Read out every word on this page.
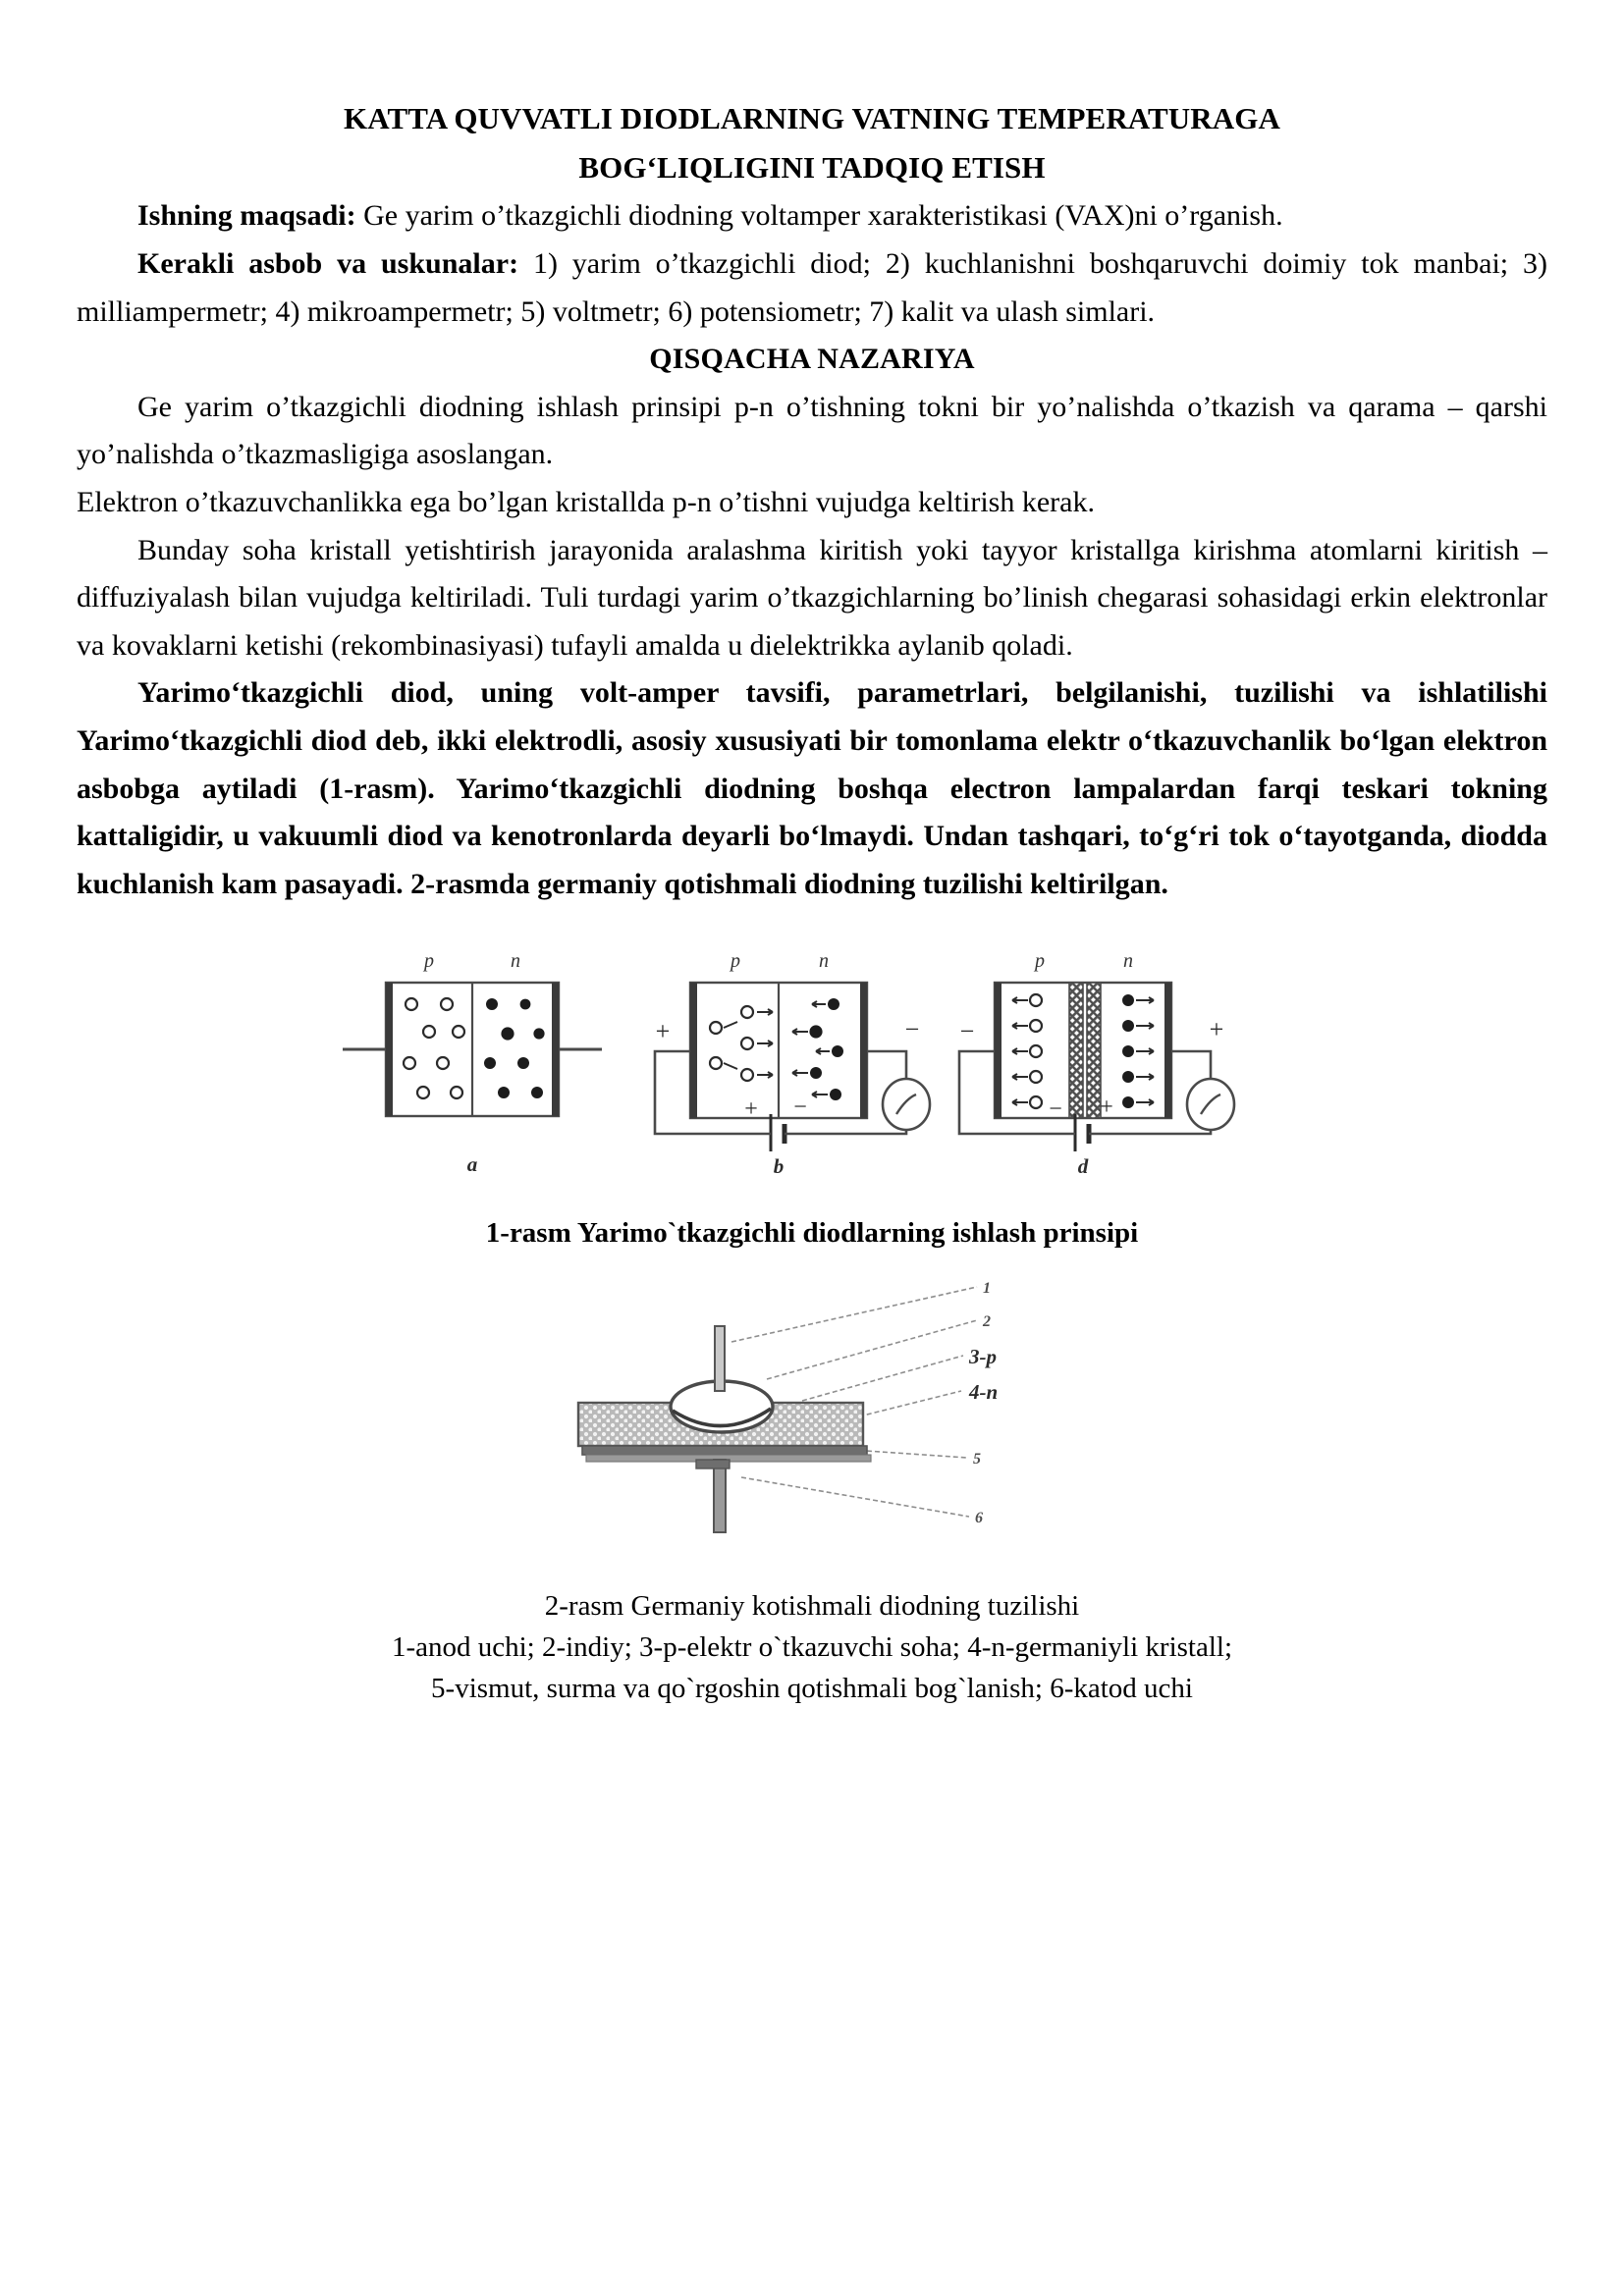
KATTA QUVVATLI DIODLARNING VATNING TEMPERATURAGA
BOG‘LIQLIGINI TADQIQ ETISH

Ishning maqsadi: Ge yarim o’tkazgichli diodning voltamper xarakteristikasi (VAX)ni o’rganish.

Kerakli asbob va uskunalar: 1) yarim o’tkazgichli diod; 2) kuchlanishni boshqaruvchi doimiy tok manbai; 3) milliampermetr; 4) mikroampermetr; 5) voltmetr; 6) potensiometr; 7) kalit va ulash simlari.

QISQACHA NAZARIYA

Ge yarim o’tkazgichli diodning ishlash prinsipi p-n o’tishning tokni bir yo’nalishda o’tkazish va qarama – qarshi yo’nalishda o’tkazmasligiga asoslangan.

Elektron o’tkazuvchanlikka ega bo’lgan kristallda p-n o’tishni vujudga keltirish kerak.

Bunday soha kristall yetishtirish jarayonida aralashma kiritish yoki tayyor kristallga kirishma atomlarni kiritish – diffuziyalash bilan vujudga keltiriladi. Tuli turdagi yarim o’tkazgichlarning bo’linish chegarasi sohasidagi erkin elektronlar va kovaklarni ketishi (rekombinasiyasi) tufayli amalda u dielektrikka aylanib qoladi.

Yarimo‘tkazgichli diod, uning volt-amper tavsifi, parametrlari, belgilanishi, tuzilishi va ishlatilishi Yarimo‘tkazgichli diod deb, ikki elektrodli, asosiy xususiyati bir tomonlama elektr o‘tkazuvchanlik bo‘lgan elektron asbobga aytiladi (1-rasm). Yarimo‘tkazgichli diodning boshqa electron lampalardan farqi teskari tokning kattaligidir, u vakuumli diod va kenotronlarda deyarli bo‘lmaydi. Undan tashqari, to‘g‘ri tok o‘tayotganda, diodda kuchlanish kam pasayadi. 2-rasmda germaniy qotishmali diodning tuzilishi keltirilgan.

p	n
a
p	n
+	−
+ −
b
p	n
−	+
− +
d

1-rasm Yarimo`tkazgichli diodlarning ishlash prinsipi

1
2
3-p
4-n
5
6

2-rasm Germaniy kotishmali diodning tuzilishi

1-anod uchi; 2-indiy; 3-p-elektr o`tkazuvchi soha; 4-n-germaniyli kristall;

5-vismut, surma va qo`rgoshin qotishmali bog`lanish; 6-katod uchi
